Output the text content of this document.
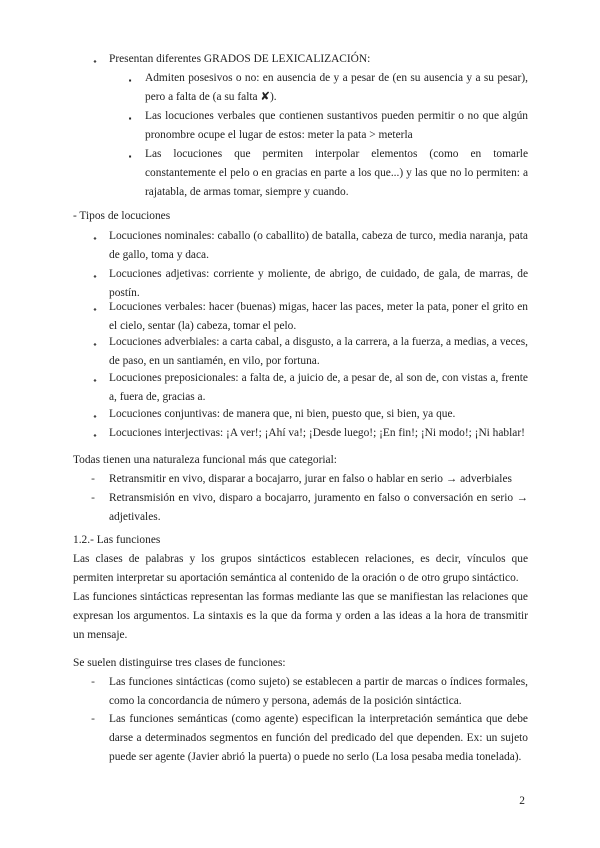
⬩	Presentan diferentes GRADOS DE LEXICALIZACIÓN:

▪	Admiten posesivos o no: en ausencia de y a pesar de (en su ausencia y a su pesar), pero a falta de (a su falta ✘).

▪	Las locuciones verbales que contienen sustantivos pueden permitir o no que algún pronombre ocupe el lugar de estos: meter la pata > meterla

▪	Las locuciones que permiten interpolar elementos (como en tomarle constantemente el pelo o en gracias en parte a los que...) y las que no lo permiten: a rajatabla, de armas tomar, siempre y cuando.

- Tipos de locuciones

⬩	Locuciones nominales: caballo (o caballito) de batalla, cabeza de turco, media naranja, pata de gallo, toma y daca.

⬩	Locuciones adjetivas: corriente y moliente, de abrigo, de cuidado, de gala, de marras, de postín.

⬩	Locuciones verbales: hacer (buenas) migas, hacer las paces, meter la pata, poner el grito en el cielo, sentar (la) cabeza, tomar el pelo.

⬩	Locuciones adverbiales: a carta cabal, a disgusto, a la carrera, a la fuerza, a medias, a veces, de paso, en un santiamén, en vilo, por fortuna.

⬩	Locuciones preposicionales: a falta de, a juicio de, a pesar de, al son de, con vistas a, frente a, fuera de, gracias a.

⬩	Locuciones conjuntivas: de manera que, ni bien, puesto que, si bien, ya que.

⬩	Locuciones interjectivas: ¡A ver!; ¡Ahí va!; ¡Desde luego!; ¡En fin!; ¡Ni modo!; ¡Ni hablar!

Todas tienen una naturaleza funcional más que categorial:

-	Retransmitir en vivo, disparar a bocajarro, jurar en falso o hablar en serio → adverbiales

-	Retransmisión en vivo, disparo a bocajarro, juramento en falso o conversación en serio → adjetivales.

1.2.- Las funciones

Las clases de palabras y los grupos sintácticos establecen relaciones, es decir, vínculos que permiten interpretar su aportación semántica al contenido de la oración o de otro grupo sintáctico.

Las funciones sintácticas representan las formas mediante las que se manifiestan las relaciones que expresan los argumentos. La sintaxis es la que da forma y orden a las ideas a la hora de transmitir un mensaje.

Se suelen distinguirse tres clases de funciones:

-	Las funciones sintácticas (como sujeto) se establecen a partir de marcas o índices formales, como la concordancia de número y persona, además de la posición sintáctica.

-	Las funciones semánticas (como agente) especifican la interpretación semántica que debe darse a determinados segmentos en función del predicado del que dependen. Ex: un sujeto puede ser agente (Javier abrió la puerta) o puede no serlo (La losa pesaba media tonelada).

2
